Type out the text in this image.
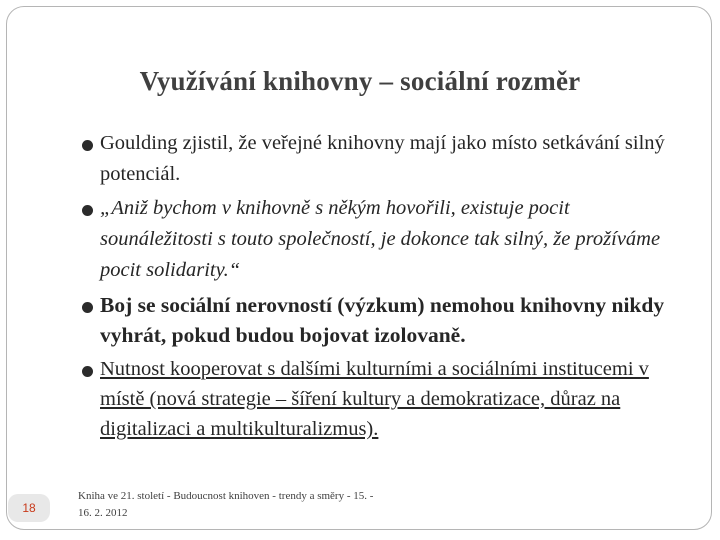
Využívání knihovny – sociální rozměr
Goulding zjistil, že veřejné knihovny mají jako místo setkávání silný potenciál.
„Aniž bychom v knihovně s někým hovořili, existuje pocit sounáležitosti s touto společností, je dokonce tak silný, že prožíváme pocit solidarity.“
Boj se sociální nerovností (výzkum) nemohou knihovny nikdy vyhrát, pokud budou bojovat izolovaně.
Nutnost kooperovat s dalšími kulturními a sociálními institucemi v místě (nová strategie – šíření kultury a demokratizace, důraz na digitalizaci a multikulturalizmus).
18
Kniha ve 21. století - Budoucnost knihoven - trendy a směry - 15. - 16. 2. 2012
